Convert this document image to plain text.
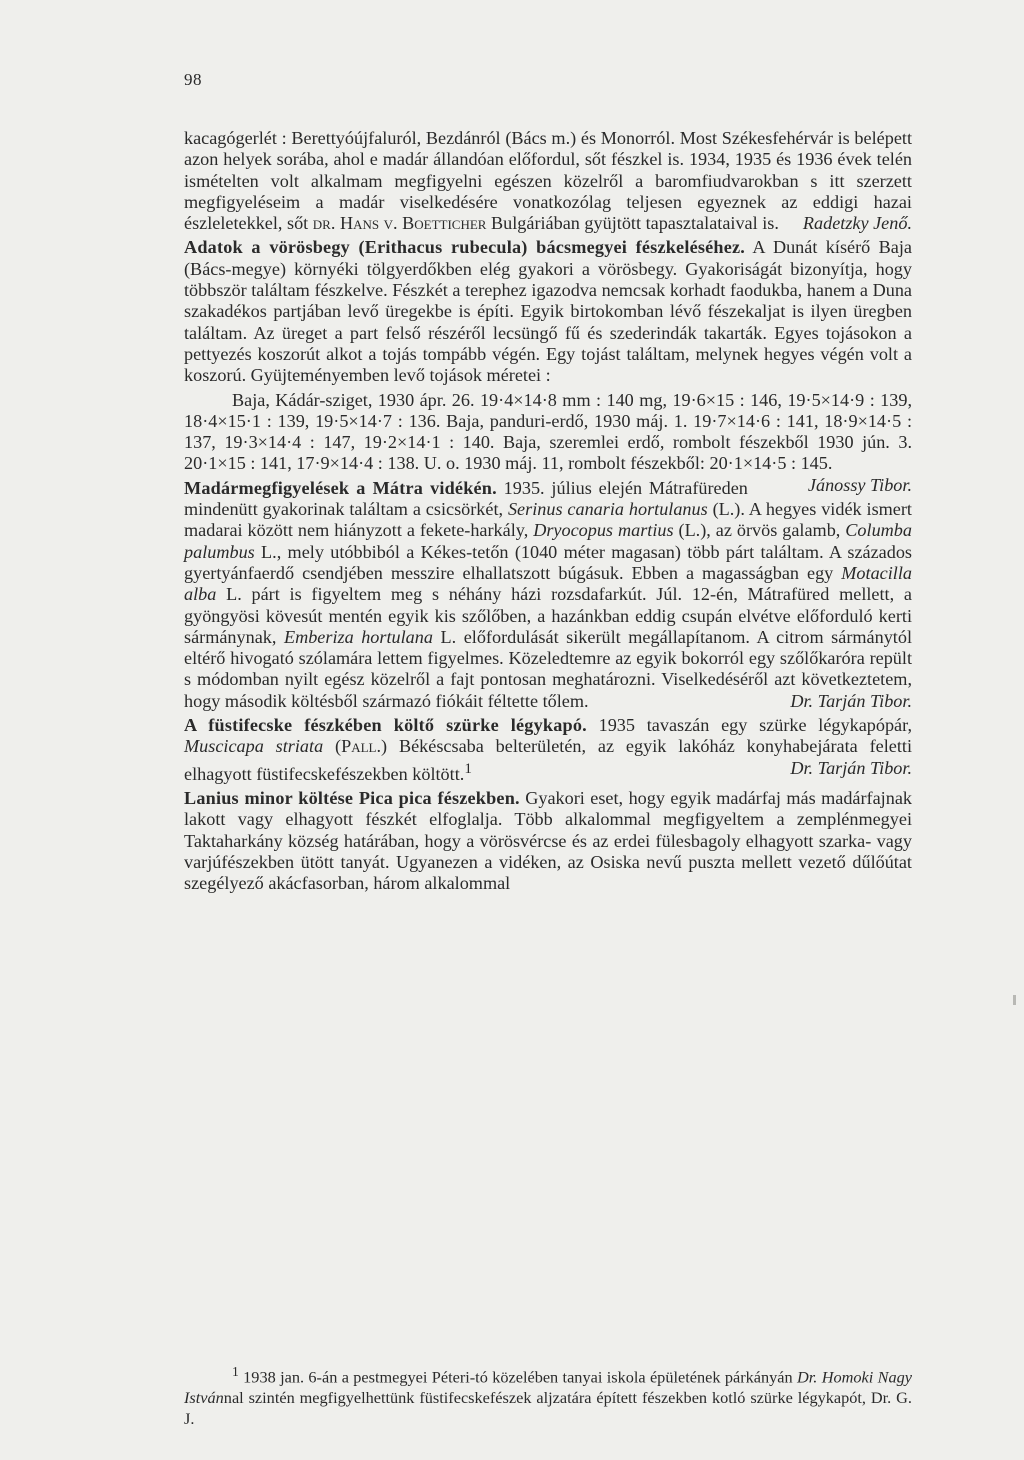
98

kacagógerlét : Berettyóújfaluról, Bezdánról (Bács m.) és Monorról. Most Székesfehérvár is belépett azon helyek sorába, ahol e madár állandóan előfordul, sőt fészkel is. 1934, 1935 és 1936 évek telén ismételten volt alkalmam megfigyelni egészen közelről a baromfiudvarokban s itt szerzett megfigyeléseim a madár viselkedésére vonatkozólag teljesen egyeznek az eddigi hazai észleletekkel, sőt dr. Hans v. Boetticher Bulgáriában gyüjtött tapasztalataival is.	Radetzky Jenő.

Adatok a vörösbegy (Erithacus rubecula) bácsmegyei fészkeléséhez. A Dunát kísérő Baja (Bács-megye) környéki tölgyerdőkben elég gyakori a vörösbegy. Gyakoriságát bizonyítja, hogy többször találtam fészkelve. Fészkét a terephez igazodva nemcsak korhadt faodukba, hanem a Duna szakadékos partjában levő üregekbe is építi. Egyik birtokomban lévő fészekaljat is ilyen üregben találtam. Az üreget a part felső részéről lecsüngő fű és szederindák takarták. Egyes tojásokon a pettyezés koszorút alkot a tojás tompább végén. Egy tojást találtam, melynek hegyes végén volt a koszorú. Gyüjteményemben levő tojások méretei :

Baja, Kádár-sziget, 1930 ápr. 26. 19·4×14·8 mm : 140 mg, 19·6×15 : 146, 19·5×14·9 : 139, 18·4×15·1 : 139, 19·5×14·7 : 136. Baja, panduri-erdő, 1930 máj. 1. 19·7×14·6 : 141, 18·9×14·5 : 137, 19·3×14·4 : 147, 19·2×14·1 : 140. Baja, szeremlei erdő, rombolt fészekből 1930 jún. 3. 20·1×15 : 141, 17·9×14·4 : 138. U. o. 1930 máj. 11, rombolt fészekből: 20·1×14·5 : 145.
Jánossy Tibor.

Madármegfigyelések a Mátra vidékén. 1935. július elején Mátrafüreden mindenütt gyakorinak találtam a csicsörkét, Serinus canaria hortulanus (L.). A hegyes vidék ismert madarai között nem hiányzott a fekete-harkály, Dryocopus martius (L.), az örvös galamb, Columba palumbus L., mely utóbbiból a Kékes-tetőn (1040 méter magasan) több párt találtam. A százados gyertyánfaerdő csendjében messzire elhallatszott búgásuk. Ebben a magasságban egy Motacilla alba L. párt is figyeltem meg s néhány házi rozsdafarkút. Júl. 12-én, Mátrafüred mellett, a gyöngyösi kövesút mentén egyik kis szőlőben, a hazánkban eddig csupán elvétve előforduló kerti sármánynak, Emberiza hortulana L. előfordulását sikerült megállapítanom. A citrom sármánytól eltérő hivogató szólamára lettem figyelmes. Közeledtemre az egyik bokorról egy szőlőkaróra repült s módomban nyilt egész közelről a fajt pontosan meghatározni. Viselkedéséről azt következtetem, hogy második költésből származó fiókáit féltette tőlem.	Dr. Tarján Tibor.

A füstifecske fészkében költő szürke légykapó. 1935 tavaszán egy szürke légykapópár, Muscicapa striata (Pall.) Békéscsaba belterületén, az egyik lakóház konyhabejárata feletti elhagyott füstifecskefészekben költött.$^1$	Dr. Tarján Tibor.

Lanius minor költése Pica pica fészekben. Gyakori eset, hogy egyik madárfaj más madárfajnak lakott vagy elhagyott fészkét elfoglalja. Több alkalommal megfigyeltem a zemplénmegyei Taktaharkány község határában, hogy a vörösvércse és az erdei fülesbagoly elhagyott szarka- vagy varjúfészekben ütött tanyát. Ugyanezen a vidéken, az Osiska nevű puszta mellett vezető dűlőútat szegélyező akácfasorban, három alkalommal

$^1$ 1938 jan. 6-án a pestmegyei Péteri-tó közelében tanyai iskola épületének párkányán Dr. Homoki Nagy Istvánnal szintén megfigyelhettünk füstifecskefészek aljzatára épített fészekben kotló szürke légykapót, Dr. G. J.
